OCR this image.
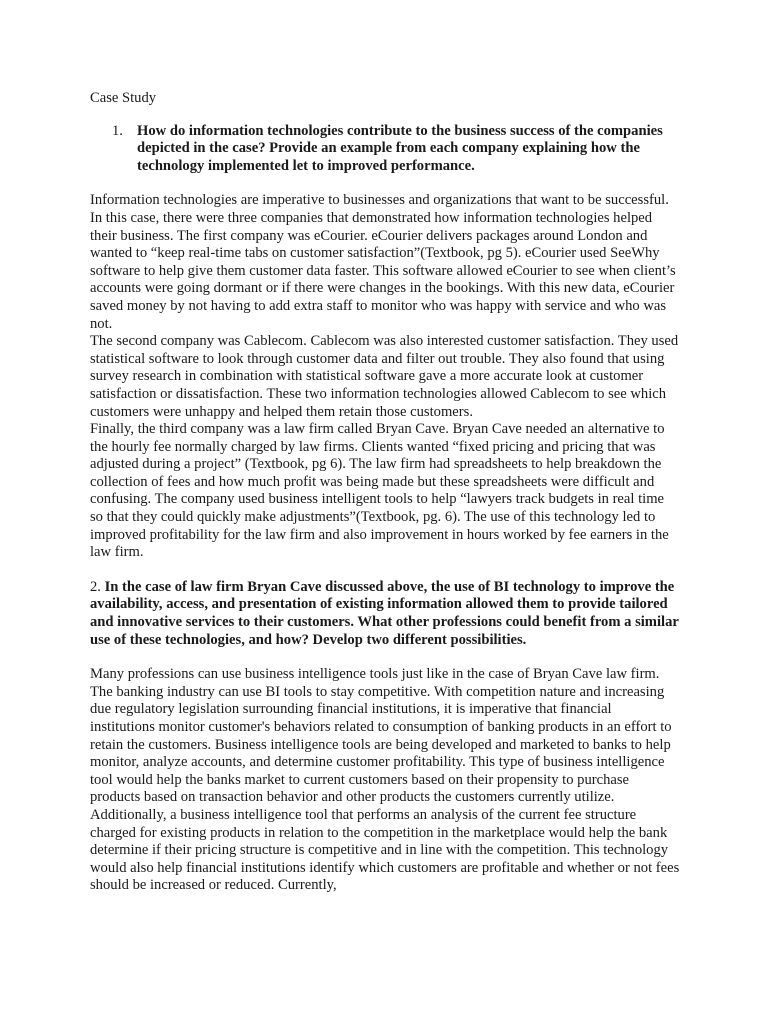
Case Study

1. How do information technologies contribute to the business success of the companies depicted in the case? Provide an example from each company explaining how the technology implemented let to improved performance.

Information technologies are imperative to businesses and organizations that want to be successful. In this case, there were three companies that demonstrated how information technologies helped their business. The first company was eCourier. eCourier delivers packages around London and wanted to “keep real-time tabs on customer satisfaction”(Textbook, pg 5). eCourier used SeeWhy software to help give them customer data faster. This software allowed eCourier to see when client’s accounts were going dormant or if there were changes in the bookings. With this new data, eCourier saved money by not having to add extra staff to monitor who was happy with service and who was not.

The second company was Cablecom. Cablecom was also interested customer satisfaction. They used statistical software to look through customer data and filter out trouble. They also found that using survey research in combination with statistical software gave a more accurate look at customer satisfaction or dissatisfaction. These two information technologies allowed Cablecom to see which customers were unhappy and helped them retain those customers.

Finally, the third company was a law firm called Bryan Cave. Bryan Cave needed an alternative to the hourly fee normally charged by law firms. Clients wanted “fixed pricing and pricing that was adjusted during a project” (Textbook, pg 6). The law firm had spreadsheets to help breakdown the collection of fees and how much profit was being made but these spreadsheets were difficult and confusing. The company used business intelligent tools to help “lawyers track budgets in real time so that they could quickly make adjustments”(Textbook, pg. 6). The use of this technology led to improved profitability for the law firm and also improvement in hours worked by fee earners in the law firm.

2. In the case of law firm Bryan Cave discussed above, the use of BI technology to improve the availability, access, and presentation of existing information allowed them to provide tailored and innovative services to their customers. What other professions could benefit from a similar use of these technologies, and how? Develop two different possibilities.

Many professions can use business intelligence tools just like in the case of Bryan Cave law firm. The banking industry can use BI tools to stay competitive. With competition nature and increasing due regulatory legislation surrounding financial institutions, it is imperative that financial institutions monitor customer's behaviors related to consumption of banking products in an effort to retain the customers. Business intelligence tools are being developed and marketed to banks to help monitor, analyze accounts, and determine customer profitability. This type of business intelligence tool would help the banks market to current customers based on their propensity to purchase products based on transaction behavior and other products the customers currently utilize. Additionally, a business intelligence tool that performs an analysis of the current fee structure charged for existing products in relation to the competition in the marketplace would help the bank determine if their pricing structure is competitive and in line with the competition. This technology would also help financial institutions identify which customers are profitable and whether or not fees should be increased or reduced. Currently,
